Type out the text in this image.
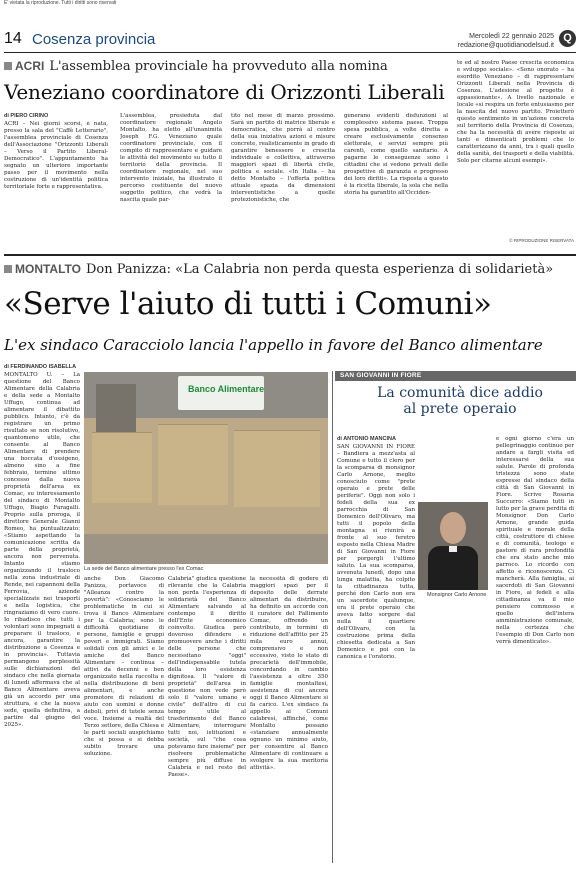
E' vietata la riproduzione. Tutti i diritti sono riservati
14 Cosenza provincia	Mercoledì 22 gennaio 2025
redazione@quotidianodelsud.it
Q
ACRI L'assemblea provinciale ha provveduto alla nomina
Veneziano coordinatore di Orizzonti Liberali
di PIERO CIRINO
ACRI – Nei giorni scorsi, è nata, presso la sala del "Caffè Letterario", l'assemblea provinciale di Cosenza dell'Associazione "Orizzonti Liberali – Verso il Partito Liberal-Democratico". L'appuntamento ha segnato un ulteriore importante passo per il movimento nella costruzione di un'identità politica territoriale forte e rappresentativa.
L'assemblea, presieduta dal coordinatore regionale Angelo Montalto, ha eletto all'unanimità Joseph F.G. Veneziano quale coordinatore provinciale, con il compito di rappresentare e guidare le attività del movimento su tutto il territorio della provincia. Il coordinatore regionale, nel suo intervento iniziale, ha illustrato il percorso costituente del nuovo soggetto politico, che vedrà la nascita quale par-
tito nel mese di marzo prossimo. Sarà un partito di matrice liberale e democratica, che porrà al centro della sua iniziativa azioni e misure concrete, realisticamente in grado di garantire benessere e crescita individuale e collettiva, attraverso maggiori spazi di libertà civile, politica e sociale. «In Italia – ha detto Montalto – l'offerta politica attuale spazia da dimensioni interventistiche a quelle protezionistiche, che
generano evidenti disfunzioni al complessivo sistema paese. Troppa spesa pubblica, a volte diretta a creare esclusivamente consenso elettorale, e servizi sempre più carenti, come quello sanitario. A pagarne le conseguenze sono i cittadini che si vedono privati delle prospettive di garanzia e progresso dei loro diritti». La risposta a questo è la ricetta liberale, la sola che nella storia ha garantito all'Occiden-
te ed al nostro Paese crescita economica e sviluppo sociale». «Sono onorato – ha esordito Veneziano – di rappresentare Orizzonti Liberali nella Provincia di Cosenza. L'adesione al progetto è appassionante». A livello nazionale e locale «si respira un forte entusiasmo per la nascita del nuovo partito. Proietterò questo sentimento in un'azione concreta sul territorio della Provincia di Cosenza, che ha la necessità di avere risposte ai tanti e dimenticati problemi che lo caratterizzano da anni, tra i quali quello della sanità, dei trasporti e della viabilità. Solo per citarne alcuni esempi».
© RIPRODUZIONE RISERVATA
MONTALTO Don Panizza: «La Calabria non perda questa esperienza di solidarietà»
«Serve l'aiuto di tutti i Comuni»
L'ex sindaco Caracciolo lancia l'appello in favore del Banco alimentare
di FERDINANDO ISABELLA
MONTALTO U. – La questione del Banco Alimentare della Calabria e della sede a Montalto Uffugo, continua ad alimentare il dibattito pubblico. Intanto, c'è da registrare un primo risultato se non risolutivo, quantomeno utile, che consente al Banco Alimentare di prendere una boccata d'ossigeno, almeno sino a fine febbraio, termine ultimo concesso dalla nuova proprietà dell'area ex Comac, su interessamento del sindaco di Montalto Uffugo, Biagio Faragalli. Proprio sulla proroga, il direttore Generale Gianni Romeo, ha puntualizzato: «Stiamo aspettando la comunicazione scritta da parte della proprietà, ancora non pervenuta. Intanto stiamo organizzando il trasloco nella zona industriale di Rende, nei capannoni della Ferrovia, aziende specializzate nei trasporti e nella logistica, che ringraziamo di vero cuore. Io ribadisco che tutti i volontari sono impegnati a preparare il trasloco, e ancora, garantire la distribuzione a Cosenza e in provincia». Tuttavia permangono perplessità sulle dichiarazioni del sindaco che nella giornata di lunedì affermava che al Banco Alimentare aveva già un accordo per una struttura, e che la nuova sede, quella definitiva, a partire dal giugno del 2025».
Banco Alimentare
La sede del Banco alimentare presso l'ex Comac
anche Don Giacomo Panizza, portavoce di "Alleanza contro la povertà": «Conosciamo le problematiche in cui si trova il Banco Alimentare per la Calabria; sono le difficoltà quotidiane di persone, famiglie e gruppi poveri e immigrati. Siamo solidali con gli amici e le amiche del Banco Alimentare – continua – attivi da decenni e ben organizzato nella raccolta e nella distribuzione di beni alimentari, e anche promotore di relazioni di aiuto con uomini e donne deboli, privi di tutele senza voce. Insieme a realtà del Terzo settore, della Chiesa e le parti sociali auspichiamo che si possa e si debba subito trovare una soluzione.
Calabria" giudica questione rilevante che la Calabria non perda l'esperienza di solidarietà del Banco Alimentare salvando al contempo il diritto dell'Ente economico coinvolto. Giudica però doveroso difendere e promuovere anche i diritti delle persone che necessitano "oggi" dell'indispensabile tutela della loro esistenza dignitosa. Il "valore di proprietà" dell'area in questione non vede però solo il "valore umano e civile" dell'altro di cui tempo utile al trasferimento del Banco Alimentare, interrogare tutti noi, istituzioni e società, sul "che cosa potevamo fare insieme" per risolvere problematiche sempre più diffuse in Calabria e nel resto del Paese».
la necessità di godere di maggiori spazi per il deposito delle derrate alimentari da distribuire, ha definito un accordo con il curatore del Fallimento Comac, offrendo un contributo, in termini di riduzione dell'affitto per 25 mila euro annui, comprensivo e non eccessivo, visto lo stato di precarietà dell'immobile, concordando in cambio l'assistenza a oltre 350 famiglie montaltesi, assistenza di cui ancora oggi il Banco Alimentare si fa carico. L'ex sindaco fa appello ai Comuni calabresi, affinché, come Montalto possano «stanziare annualmente ognuno un minimo aiuto, per consentire al Banco Alimentare di continuare a svolgere la sua meritoria attività».
SAN GIOVANNI IN FIORE
La comunità dice addio al prete operaio
di ANTONIO MANCINA
SAN GIOVANNI IN FIORE – Bandiera a mezz'asta al Comune e tutto il clero per la scomparsa di monsignor Carlo Arnone, meglio conosciuto come "prete operaio e prete delle periferie". Oggi non solo i fedeli della sua ex parrocchia di San Domenico dell'Olivaro, ma tutti il popolo della montagna si riunirà a fronte al suo feretro esposto nella Chiesa Madre di San Giovanni in Fiore per porgergli l'ultimo saluto. La sua scomparsa, avvenuta lunedì, dopo una lunga malattia, ha colpito la cittadinanza tutta, perché don Carlo non era un sacerdote qualunque, era il prete operaio che aveva fatto sorgere dal nulla il quartiere dell'Olivaro, con la costruzione prima della chiesetta dedicata a San Domenico e poi con la canonica e l'oratorio.
Monsignor Carlo Arnone
e ogni giorno c'era un pellegrinaggio continuo per andare a fargli visita ed interessarsi della sua salute. Parole di profonda tristezza sono state espresse dal sindaco della città di San Giovanni in Fiore. Scrive Rosaria Succurro: «Siamo tutti in lutto per la grave perdita di Monsignor Don Carlo Arnone, grande guida spirituale e morale della città, costruttore di chiese e di comunità, teologo e pastore di rara profondità che era stato anche mio parroco. Lo ricordo con affetto e riconoscenza. Ci mancherà. Alla famiglia, ai sacerdoti di San Giovanni in Fiore, ai fedeli e alla cittadinanza va il mio pensiero commosso e quello dell'intera amministrazione comunale, nella certezza che l'esempio di Don Carlo non verrà dimenticato».
